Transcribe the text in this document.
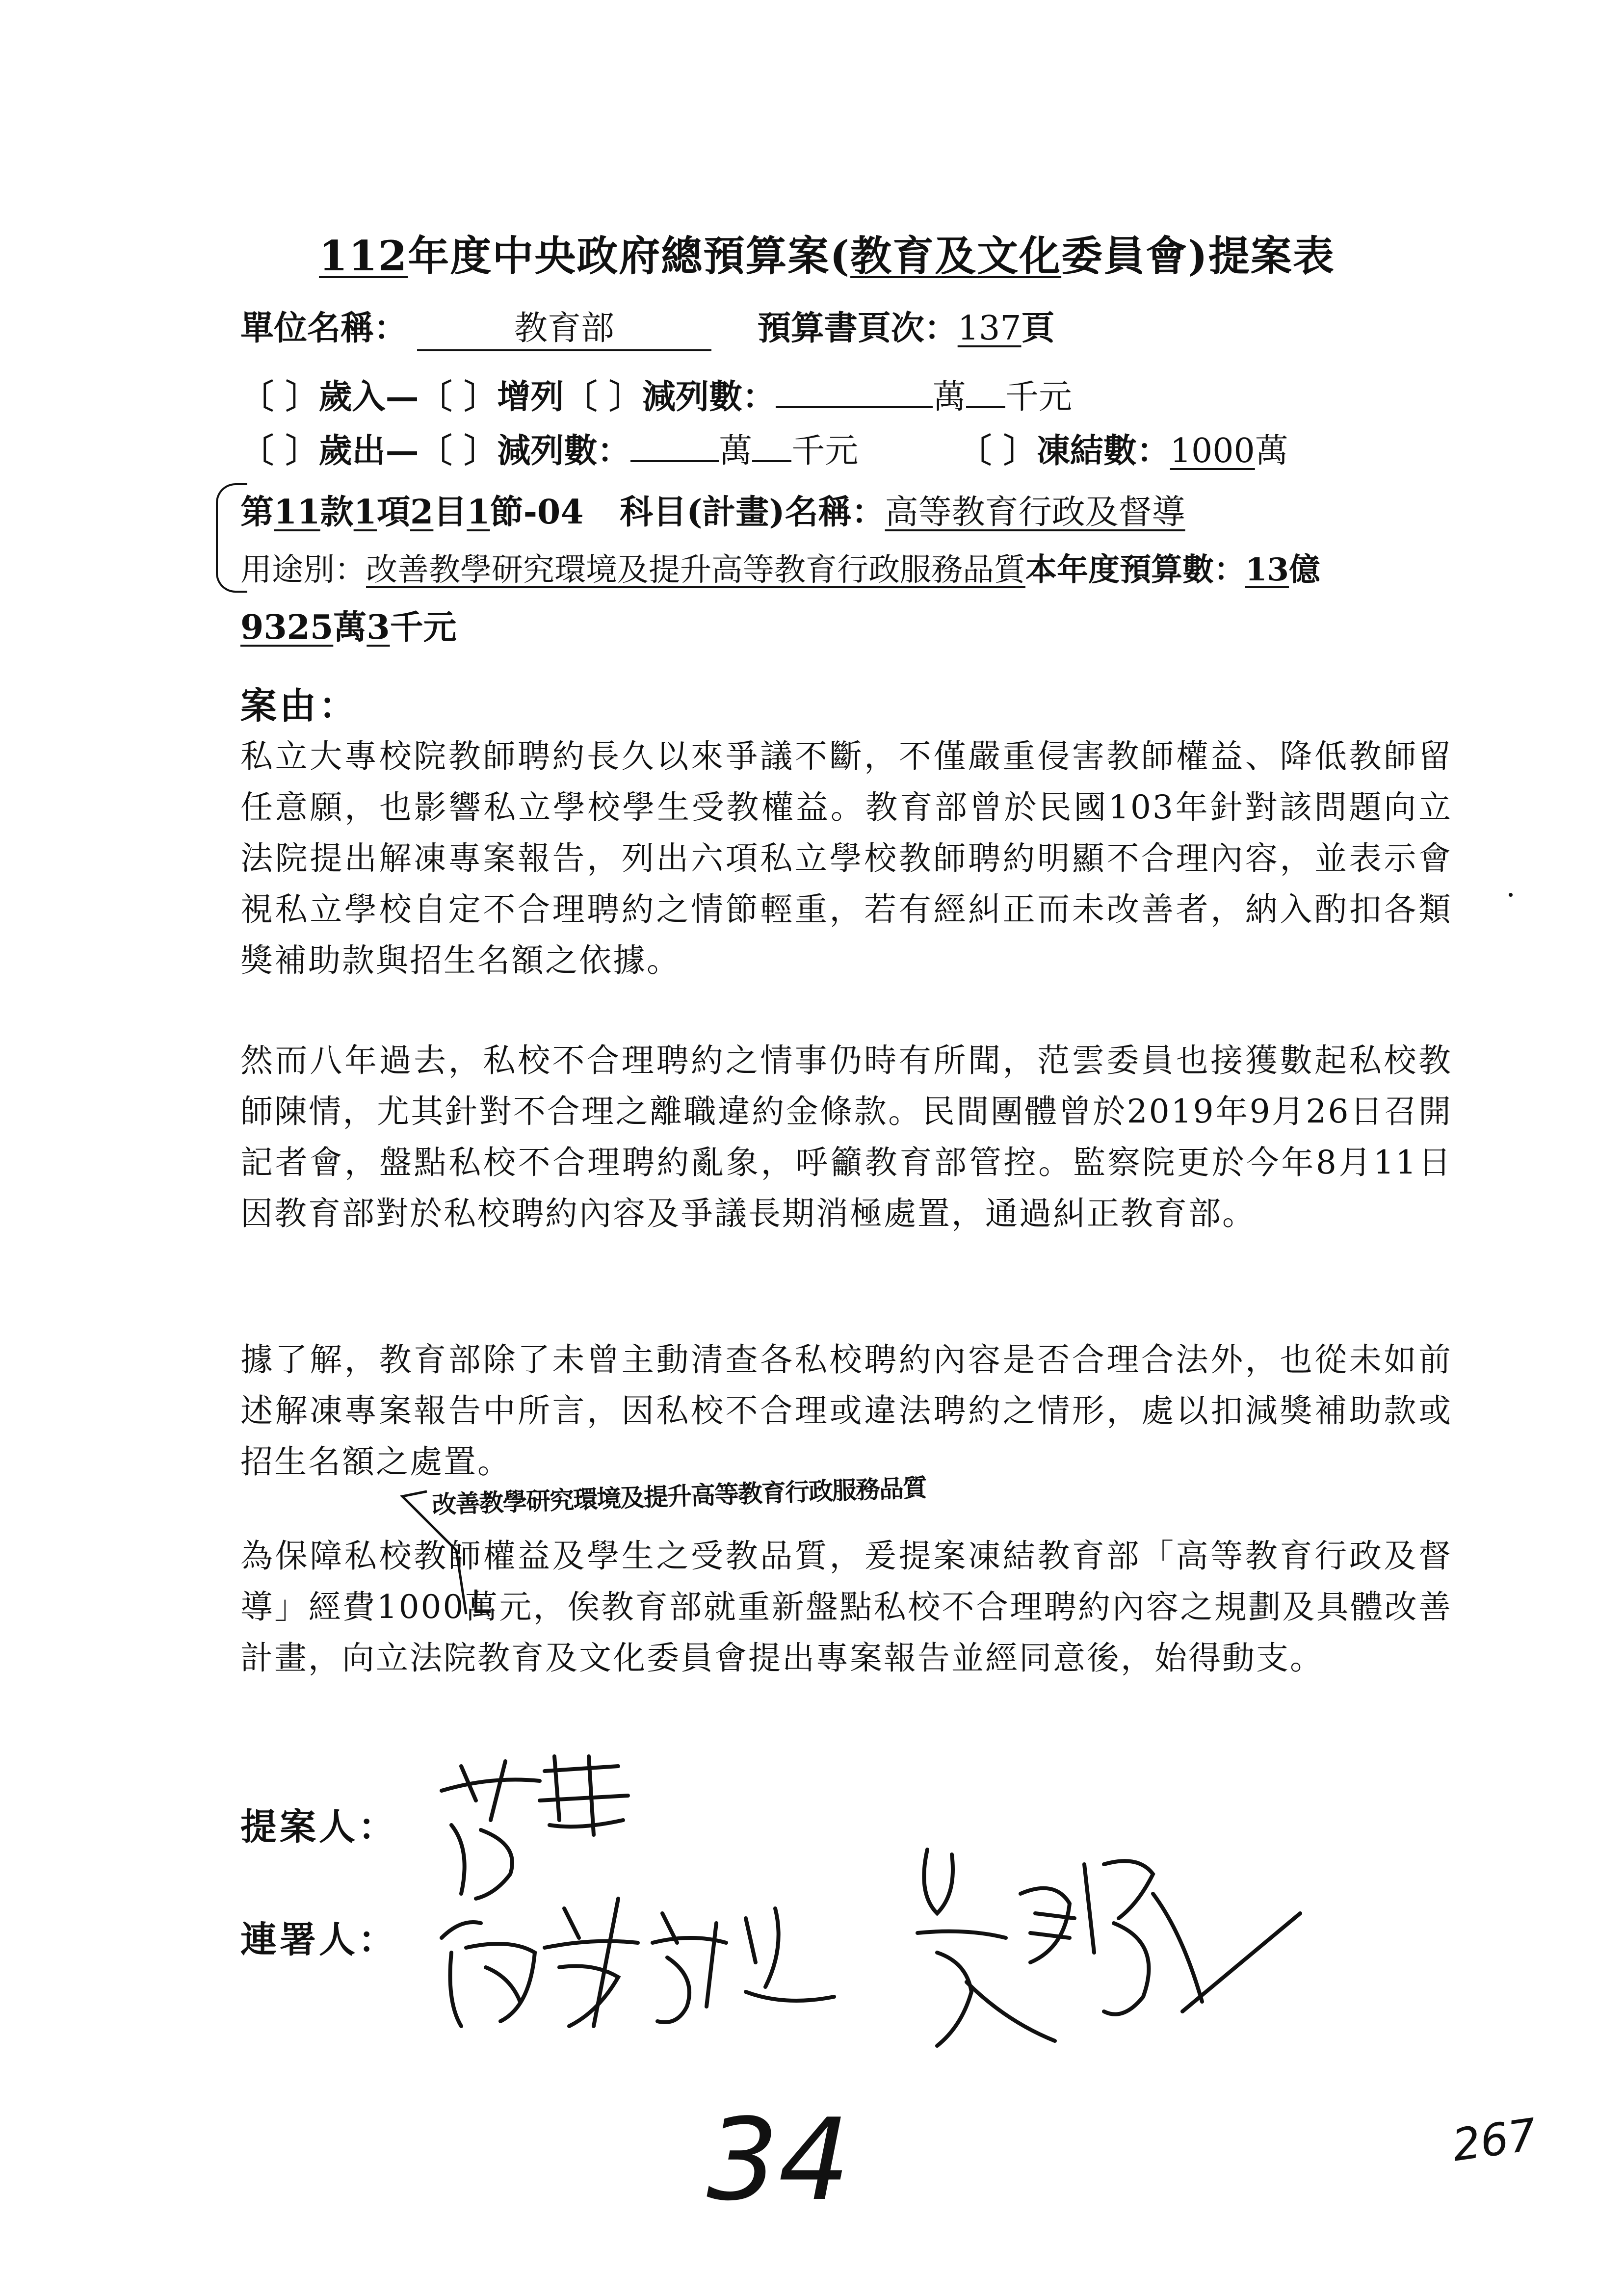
112年度中央政府總預算案(教育及文化委員會)提案表
單位名稱：	教育部	預算書頁次：137頁
〔 〕歲入—〔 〕增列〔 〕減列數：	萬 千元
〔 〕歲出—〔 〕減列數：	萬 千元	〔 〕凍結數：1000萬
第11款1項2目1節-04 科目(計畫)名稱：高等教育行政及督導
用途別：改善教學研究環境及提升高等教育行政服務品質本年度預算數：13億
9325萬3千元
案由：
私立大專校院教師聘約長久以來爭議不斷，不僅嚴重侵害教師權益、降低教師留任意願，也影響私立學校學生受教權益。教育部曾於民國103年針對該問題向立法院提出解凍專案報告，列出六項私立學校教師聘約明顯不合理內容，並表示會視私立學校自定不合理聘約之情節輕重，若有經糾正而未改善者，納入酌扣各類獎補助款與招生名額之依據。
然而八年過去，私校不合理聘約之情事仍時有所聞，范雲委員也接獲數起私校教師陳情，尤其針對不合理之離職違約金條款。民間團體曾於2019年9月26日召開記者會，盤點私校不合理聘約亂象，呼籲教育部管控。監察院更於今年8月11日因教育部對於私校聘約內容及爭議長期消極處置，通過糾正教育部。
據了解，教育部除了未曾主動清查各私校聘約內容是否合理合法外，也從未如前述解凍專案報告中所言，因私校不合理或違法聘約之情形，處以扣減獎補助款或招生名額之處置。
為保障私校教師權益及學生之受教品質，爰提案凍結教育部「高等教育行政及督導」經費1000萬元，俟教育部就重新盤點私校不合理聘約內容之規劃及具體改善計畫，向立法院教育及文化委員會提出專案報告並經同意後，始得動支。
改善教學研究環境及提升高等教育行政服務品質
提案人：
連署人：
34	267
